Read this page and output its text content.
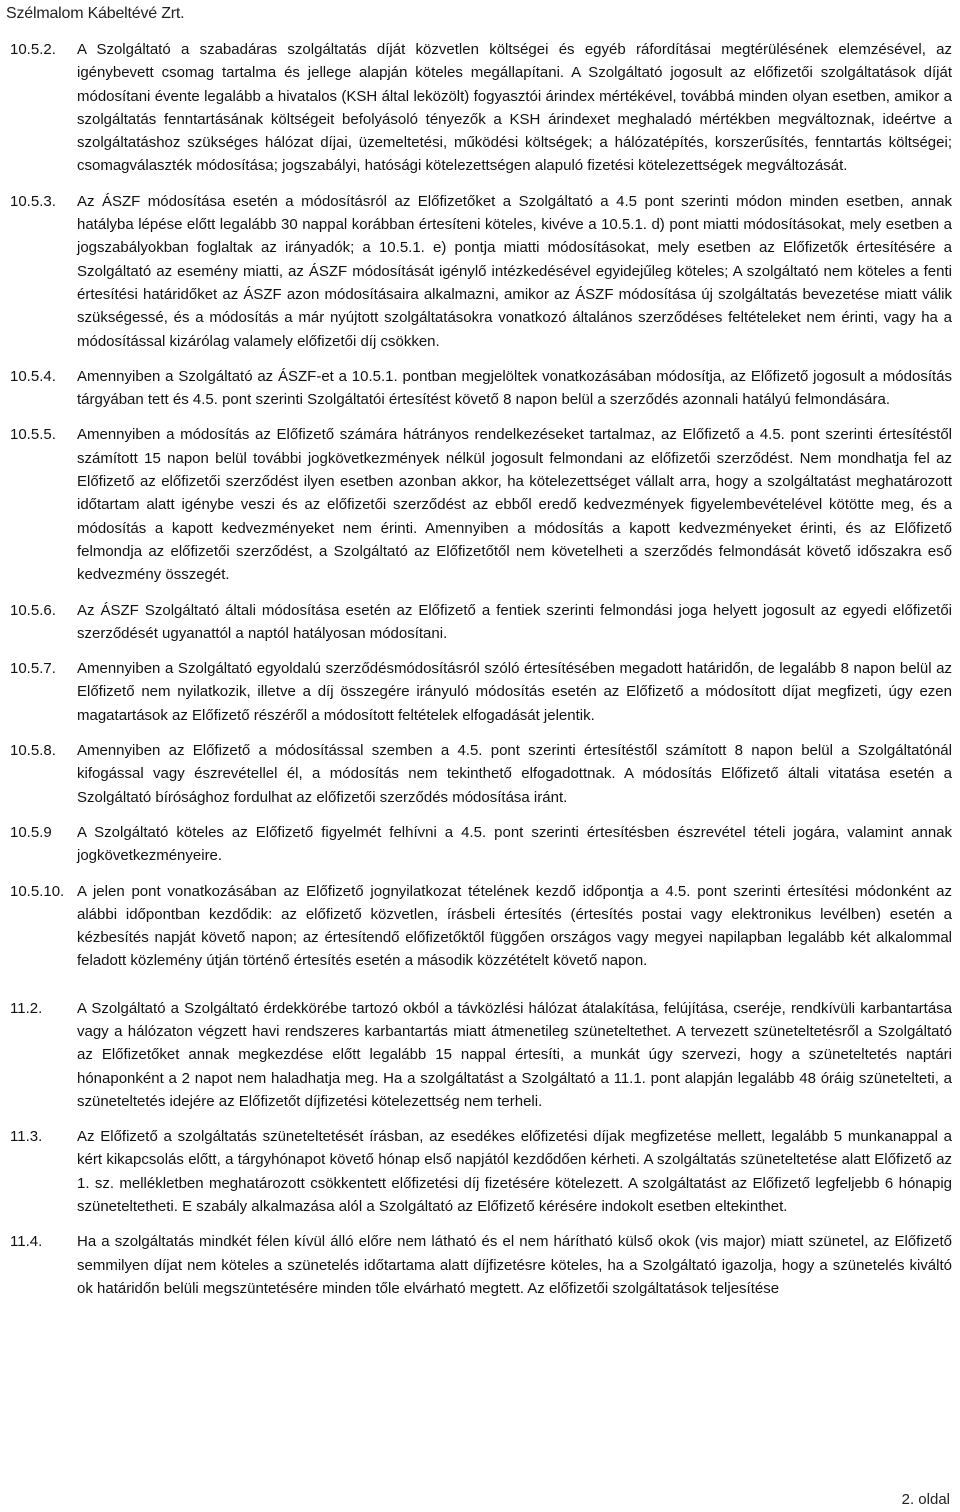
Szélmalom Kábeltévé Zrt.
10.5.2.	A Szolgáltató a szabadáras szolgáltatás díját közvetlen költségei és egyéb ráfordításai megtérülésének elemzésével, az igénybevett csomag tartalma és jellege alapján köteles megállapítani. A Szolgáltató jogosult az előfizetői szolgáltatások díját módosítani évente legalább a hivatalos (KSH által leközölt) fogyasztói árindex mértékével, továbbá minden olyan esetben, amikor a szolgáltatás fenntartásának költségeit befolyásoló tényezők a KSH árindexet meghaladó mértékben megváltoznak, ideértve a szolgáltatáshoz szükséges hálózat díjai, üzemeltetési, működési költségek; a hálózatépítés, korszerűsítés, fenntartás költségei; csomagválaszték módosítása; jogszabályi, hatósági kötelezettségen alapuló fizetési kötelezettségek megváltozását.
10.5.3.	Az ÁSZF módosítása esetén a módosításról az Előfizetőket a Szolgáltató a 4.5 pont szerinti módon minden esetben, annak hatályba lépése előtt legalább 30 nappal korábban értesíteni köteles, kivéve a 10.5.1. d) pont miatti módosításokat, mely esetben a jogszabályokban foglaltak az irányadók; a 10.5.1. e) pontja miatti módosításokat, mely esetben az Előfizetők értesítésére a Szolgáltató az esemény miatti, az ÁSZF módosítását igénylő intézkedésével egyidejűleg köteles; A szolgáltató nem köteles a fenti értesítési határidőket az ÁSZF azon módosításaira alkalmazni, amikor az ÁSZF módosítása új szolgáltatás bevezetése miatt válik szükségessé, és a módosítás a már nyújtott szolgáltatásokra vonatkozó általános szerződéses feltételeket nem érinti, vagy ha a módosítással kizárólag valamely előfizetői díj csökken.
10.5.4.	Amennyiben a Szolgáltató az ÁSZF-et a 10.5.1. pontban megjelöltek vonatkozásában módosítja, az Előfizető jogosult a módosítás tárgyában tett és 4.5. pont szerinti Szolgáltatói értesítést követő 8 napon belül a szerződés azonnali hatályú felmondására.
10.5.5.	Amennyiben a módosítás az Előfizető számára hátrányos rendelkezéseket tartalmaz, az Előfizető a 4.5. pont szerinti értesítéstől számított 15 napon belül további jogkövetkezmények nélkül jogosult felmondani az előfizetői szerződést. Nem mondhatja fel az Előfizető az előfizetői szerződést ilyen esetben azonban akkor, ha kötelezettséget vállalt arra, hogy a szolgáltatást meghatározott időtartam alatt igénybe veszi és az előfizetői szerződést az ebből eredő kedvezmények figyelembevételével kötötte meg, és a módosítás a kapott kedvezményeket nem érinti. Amennyiben a módosítás a kapott kedvezményeket érinti, és az Előfizető felmondja az előfizetői szerződést, a Szolgáltató az Előfizetőtől nem követelheti a szerződés felmondását követő időszakra eső kedvezmény összegét.
10.5.6.	Az ÁSZF Szolgáltató általi módosítása esetén az Előfizető a fentiek szerinti felmondási joga helyett jogosult az egyedi előfizetői szerződését ugyanattól a naptól hatályosan módosítani.
10.5.7.	Amennyiben a Szolgáltató egyoldalú szerződésmódosításról szóló értesítésében megadott határidőn, de legalább 8 napon belül az Előfizető nem nyilatkozik, illetve a díj összegére irányuló módosítás esetén az Előfizető a módosított díjat megfizeti, úgy ezen magatartások az Előfizető részéről a módosított feltételek elfogadását jelentik.
10.5.8.	Amennyiben az Előfizető a módosítással szemben a 4.5. pont szerinti értesítéstől számított 8 napon belül a Szolgáltatónál kifogással vagy észrevétellel él, a módosítás nem tekinthető elfogadottnak. A módosítás Előfizető általi vitatása esetén a Szolgáltató bírósághoz fordulhat az előfizetői szerződés módosítása iránt.
10.5.9	A Szolgáltató köteles az Előfizető figyelmét felhívni a 4.5. pont szerinti értesítésben észrevétel tételi jogára, valamint annak jogkövetkezményeire.
10.5.10. A jelen pont vonatkozásában az Előfizető jognyilatkozat tételének kezdő időpontja a 4.5. pont szerinti értesítési módonként az alábbi időpontban kezdődik: az előfizető közvetlen, írásbeli értesítés (értesítés postai vagy elektronikus levélben) esetén a kézbesítés napját követő napon; az értesítendő előfizetőktől függően országos vagy megyei napilapban legalább két alkalommal feladott közlemény útján történő értesítés esetén a második közzétételt követő napon.
11.2.	A Szolgáltató a Szolgáltató érdekkörébe tartozó okból a távközlési hálózat átalakítása, felújítása, cseréje, rendkívüli karbantartása vagy a hálózaton végzett havi rendszeres karbantartás miatt átmenetileg szüneteltethet. A tervezett szüneteltetésről a Szolgáltató az Előfizetőket annak megkezdése előtt legalább 15 nappal értesíti, a munkát úgy szervezi, hogy a szüneteltetés naptári hónaponként a 2 napot nem haladhatja meg. Ha a szolgáltatást a Szolgáltató a 11.1. pont alapján legalább 48 óráig szünetelteti, a szüneteltetés idejére az Előfizetőt díjfizetési kötelezettség nem terheli.
11.3.	Az Előfizető a szolgáltatás szüneteltetését írásban, az esedékes előfizetési díjak megfizetése mellett, legalább 5 munkanappal a kért kikapcsolás előtt, a tárgyhónapot követő hónap első napjától kezdődően kérheti. A szolgáltatás szüneteltetése alatt Előfizető az 1. sz. mellékletben meghatározott csökkentett előfizetési díj fizetésére kötelezett. A szolgáltatást az Előfizető legfeljebb 6 hónapig szüneteltetheti. E szabály alkalmazása alól a Szolgáltató az Előfizető kérésére indokolt esetben eltekinthet.
11.4.	Ha a szolgáltatás mindkét félen kívül álló előre nem látható és el nem hárítható külső okok (vis major) miatt szünetel, az Előfizető semmilyen díjat nem köteles a szünetelés időtartama alatt díjfizetésre köteles, ha a Szolgáltató igazolja, hogy a szünetelés kiváltó ok határidőn belüli megszüntetésére minden tőle elvárható megtett. Az előfizetői szolgáltatások teljesítése
2. oldal
